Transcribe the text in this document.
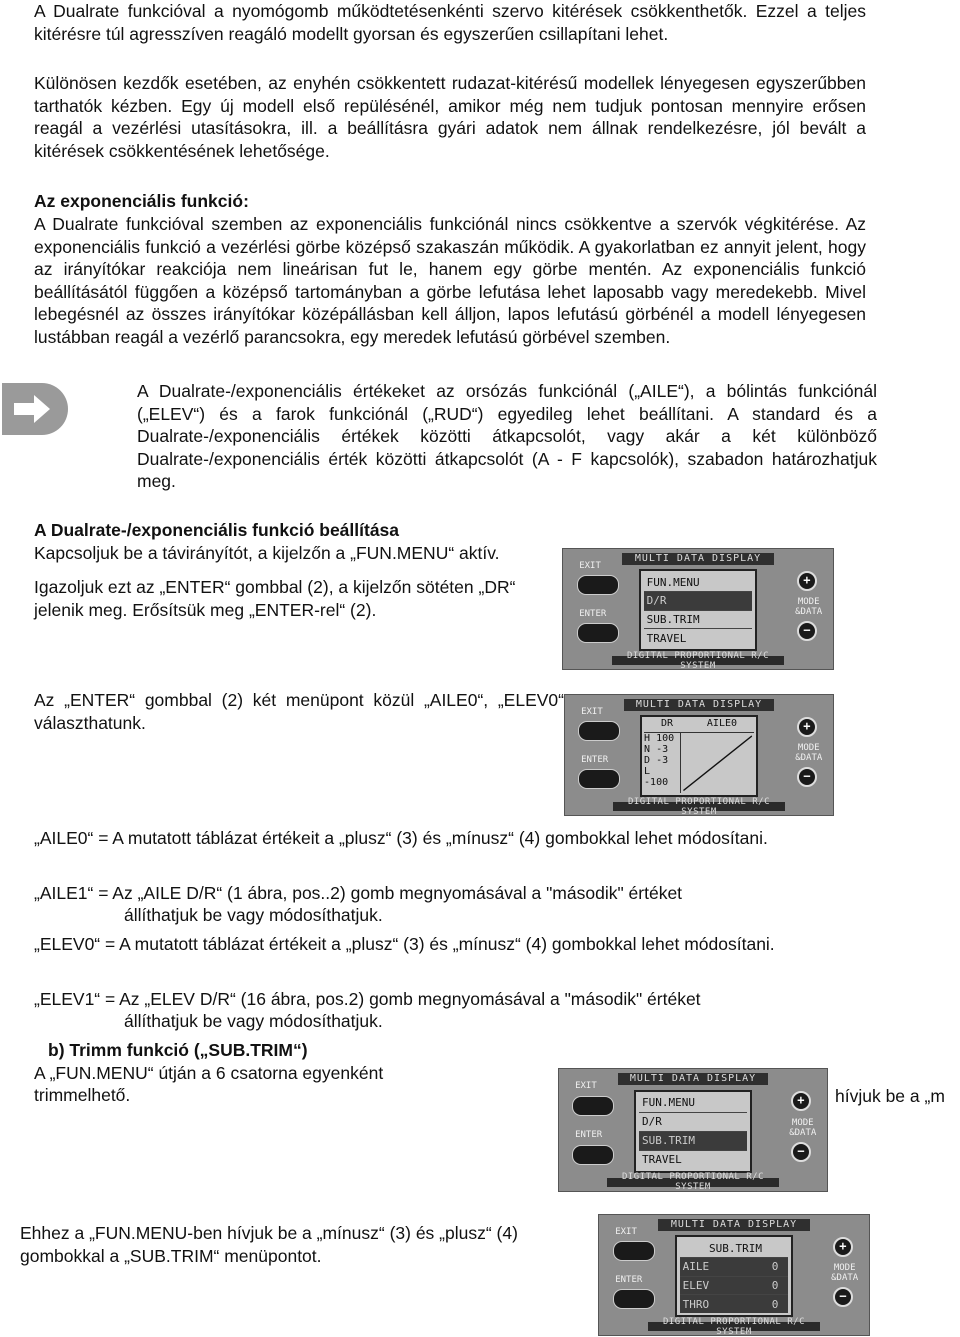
A Dualrate funkcióval a nyomógomb működtetésenkénti szervo kitérések csökkenthetők. Ezzel a teljes kitérésre túl agresszíven reagáló modellt gyorsan és egyszerűen csillapítani lehet.

Különösen kezdők esetében, az enyhén csökkentett rudazat-kitérésű modellek lényegesen egyszerűbben tarthatók kézben. Egy új modell első repülésénél, amikor még nem tudjuk pontosan mennyire erősen reagál a vezérlési utasításokra, ill. a beállításra gyári adatok nem állnak rendelkezésre, jól bevált a kitérések csökkentésének lehetősége.

Az exponenciális funkció:

A Dualrate funkcióval szemben az exponenciális funkciónál nincs csökkentve a szervók végkitérése. Az exponenciális funkció a vezérlési görbe középső szakaszán működik. A gyakorlatban ez annyit jelent, hogy az irányítókar reakciója nem lineárisan fut le, hanem egy görbe mentén. Az exponenciális funkció beállításától függően a középső tartományban a görbe lefutása lehet laposabb vagy meredekebb. Mivel lebegésnél az összes irányítókar középállásban kell álljon, lapos lefutású görbénél a modell lényegesen lustábban reagál a vezérlő parancsokra, egy meredek lefutású görbével szemben.

A Dualrate-/exponenciális értékeket az orsózás funkciónál („AILE“), a bólintás funkciónál („ELEV“) és a farok funkciónál („RUD“) egyedileg lehet beállítani. A standard és a Dualrate-/exponenciális értékek közötti átkapcsolót, vagy akár a két különböző Dualrate-/exponenciális érték közötti átkapcsolót (A - F kapcsolók), szabadon határozhatjuk meg.

A Dualrate-/exponenciális funkció beállítása

Kapcsoljuk be a távirányítót, a kijelzőn a „FUN.MENU“ aktív.

Igazoljuk ezt az „ENTER“ gombbal (2), a kijelzőn sötéten „DR“ jelenik meg. Erősítsük meg „ENTER-rel“ (2).

MULTI DATA DISPLAY
EXIT
ENTER
+
−
MODE
&DATA
FUN.MENU
D/R
SUB.TRIM
TRAVEL
DIGITAL PROPORTIONAL R/C SYSTEM

Az „ENTER“ gombbal (2) két menüpont közül „AILE0“, „ELEV0“ választhatunk.

MULTI DATA DISPLAY
EXIT
ENTER
+
−
MODE
&DATA
DR	AILE0
H 100
N -3
D -3
L -100
DIGITAL PROPORTIONAL R/C SYSTEM

„AILE0“ = A mutatott táblázat értékeit a „plusz“ (3) és „mínusz“ (4) gombokkal lehet módosítani.

„AILE1“ = Az „AILE D/R“ (1 ábra, pos..2) gomb megnyomásával a "második" értéket

állíthatjuk be vagy módosíthatjuk.

„ELEV0“ = A mutatott táblázat értékeit a „plusz“ (3) és „mínusz“ (4) gombokkal lehet módosítani.

„ELEV1“ = Az „ELEV D/R“ (16 ábra, pos.2) gomb megnyomásával a "második" értéket

állíthatjuk be vagy módosíthatjuk.

b) Trimm funkció („SUB.TRIM“)

A „FUN.MENU“ útján a 6 csatorna egyenként

trimmelhető.	hívjuk be a „m

MULTI DATA DISPLAY
EXIT
ENTER
+
−
MODE
&DATA
FUN.MENU
D/R
SUB.TRIM
TRAVEL
DIGITAL PROPORTIONAL R/C SYSTEM

Ehhez a „FUN.MENU-ben hívjuk be a „mínusz“ (3) és „plusz“ (4) gombokkal a „SUB.TRIM“ menüpontot.

MULTI DATA DISPLAY
EXIT
ENTER
+
−
MODE
&DATA
SUB.TRIM
AILE	0
ELEV	0
THRO	0
DIGITAL PROPORTIONAL R/C SYSTEM
